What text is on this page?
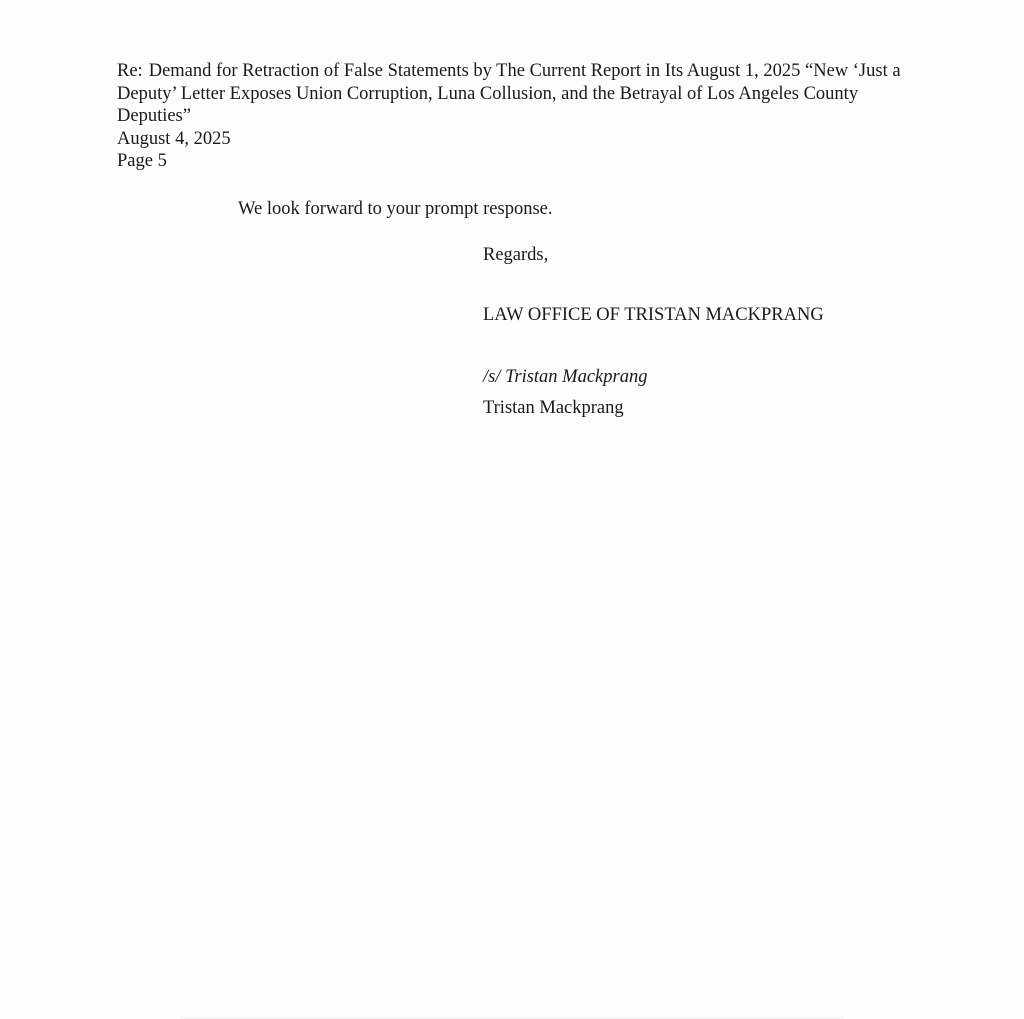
Re: Demand for Retraction of False Statements by The Current Report in Its August 1, 2025 “New ‘Just a Deputy’ Letter Exposes Union Corruption, Luna Collusion, and the Betrayal of Los Angeles County Deputies”
August 4, 2025
Page 5
We look forward to your prompt response.
Regards,
LAW OFFICE OF TRISTAN MACKPRANG
/s/ Tristan Mackprang
Tristan Mackprang
